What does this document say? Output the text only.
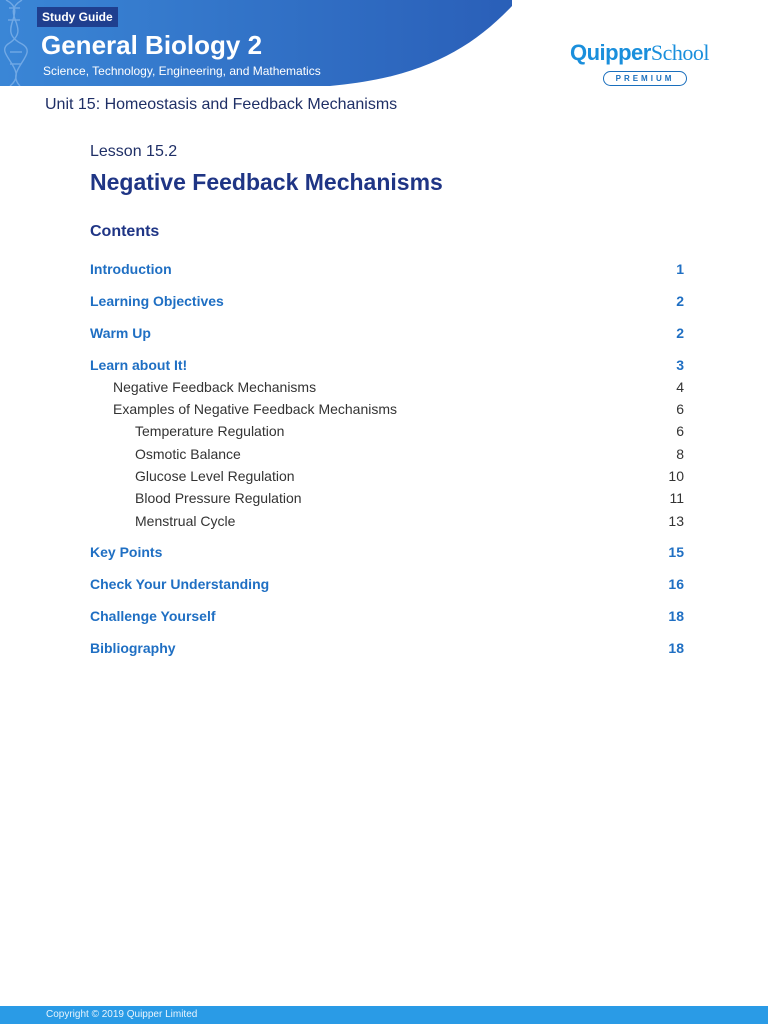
Study Guide
General Biology 2
Science, Technology, Engineering, and Mathematics
QuipperSchool
PREMIUM
Unit 15: Homeostasis and Feedback Mechanisms
Lesson 15.2
Negative Feedback Mechanisms
Contents
Introduction	1
Learning Objectives	2
Warm Up	2
Learn about It!	3
Negative Feedback Mechanisms	4
Examples of Negative Feedback Mechanisms	6
Temperature Regulation	6
Osmotic Balance	8
Glucose Level Regulation	10
Blood Pressure Regulation	11
Menstrual Cycle	13
Key Points	15
Check Your Understanding	16
Challenge Yourself	18
Bibliography	18
Copyright © 2019 Quipper Limited
